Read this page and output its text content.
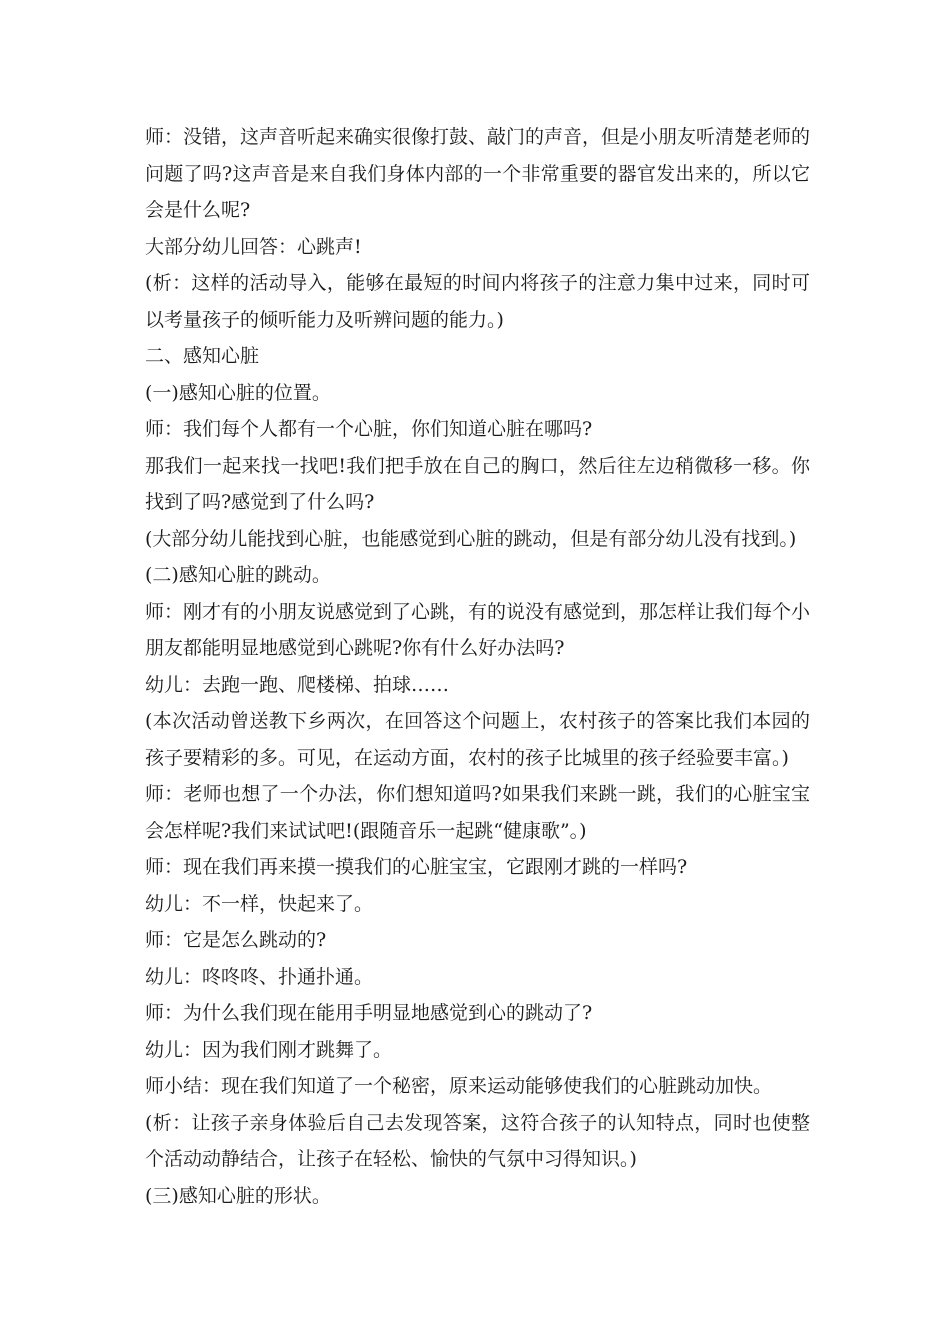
师：没错，这声音听起来确实很像打鼓、敲门的声音，但是小朋友听清楚老师的问题了吗?这声音是来自我们身体内部的一个非常重要的器官发出来的，所以它会是什么呢?

大部分幼儿回答：心跳声!

(析：这样的活动导入，能够在最短的时间内将孩子的注意力集中过来，同时可以考量孩子的倾听能力及听辨问题的能力。)

二、感知心脏

(一)感知心脏的位置。

师：我们每个人都有一个心脏，你们知道心脏在哪吗?

那我们一起来找一找吧!我们把手放在自己的胸口，然后往左边稍微移一移。你找到了吗?感觉到了什么吗?

(大部分幼儿能找到心脏，也能感觉到心脏的跳动，但是有部分幼儿没有找到。)

(二)感知心脏的跳动。

师：刚才有的小朋友说感觉到了心跳，有的说没有感觉到，那怎样让我们每个小朋友都能明显地感觉到心跳呢?你有什么好办法吗?

幼儿：去跑一跑、爬楼梯、拍球……

(本次活动曾送教下乡两次，在回答这个问题上，农村孩子的答案比我们本园的孩子要精彩的多。可见，在运动方面，农村的孩子比城里的孩子经验要丰富。)

师：老师也想了一个办法，你们想知道吗?如果我们来跳一跳，我们的心脏宝宝会怎样呢?我们来试试吧!(跟随音乐一起跳“健康歌”。)

师：现在我们再来摸一摸我们的心脏宝宝，它跟刚才跳的一样吗?

幼儿：不一样，快起来了。

师：它是怎么跳动的?

幼儿：咚咚咚、扑通扑通。

师：为什么我们现在能用手明显地感觉到心的跳动了?

幼儿：因为我们刚才跳舞了。

师小结：现在我们知道了一个秘密，原来运动能够使我们的心脏跳动加快。

(析：让孩子亲身体验后自己去发现答案，这符合孩子的认知特点，同时也使整个活动动静结合，让孩子在轻松、愉快的气氛中习得知识。)

(三)感知心脏的形状。
